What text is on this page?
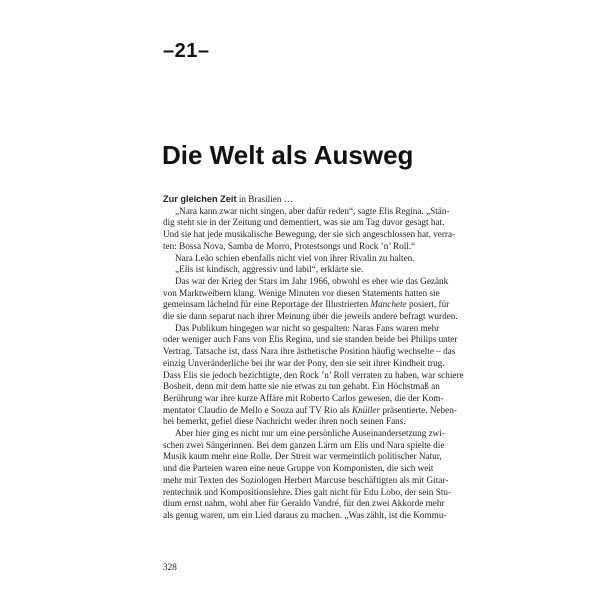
–21–
Die Welt als Ausweg
Zur gleichen Zeit in Brasilien …
„Nara kann zwar nicht singen, aber dafür reden“, sagte Elis Regina. „Stän-
dig steht sie in der Zeitung und dementiert, was sie am Tag davor gesagt hat.
Und sie hat jede musikalische Bewegung, der sie sich angeschlossen hat, verra-
ten: Bossa Nova, Samba de Morro, Protestsongs und Rock ’n’ Roll.“
Nara Leão schien ebenfalls nicht viel von ihrer Rivalin zu halten.
„Elis ist kindisch, aggressiv und labil“, erklärte sie.
Das war der Krieg der Stars im Jahr 1966, obwohl es eher wie das Gezänk
von Marktweibern klang. Wenige Minuten vor diesen Statements hatten sie
gemeinsam lächelnd für eine Reportage der Illustrierten Manchete posiert, für
die sie dann separat nach ihrer Meinung über die jeweils andere befragt wurden.
Das Publikum hingegen war nicht so gespalten: Naras Fans waren mehr
oder weniger auch Fans von Elis Regina, und sie standen beide bei Philips unter
Vertrag. Tatsache ist, dass Nara ihre ästhetische Position häufig wechselte – das
einzig Unveränderliche bei ihr war der Pony, den sie seit ihrer Kindheit trug.
Dass Elis sie jedoch bezichtigte, den Rock ’n’ Roll verraten zu haben, war schiere
Bosheit, denn mit dem hatte sie nie etwas zu tun gehabt. Ein Höchstmaß an
Berührung war ihre kurze Affäre mit Roberto Carlos gewesen, die der Kom-
mentator Claudio de Mello e Souza auf TV Rio als Knüller präsentierte. Neben-
bei bemerkt, gefiel diese Nachricht weder ihren noch seinen Fans.
Aber hier ging es nicht nur um eine persönliche Auseinandersetzung zwi-
schen zwei Sängerinnen. Bei dem ganzen Lärm um Elis und Nara spielte die
Musik kaum mehr eine Rolle. Der Streit war vermeintlich politischer Natur,
und die Parteien waren eine neue Gruppe von Komponisten, die sich weit
mehr mit Texten des Soziologen Herbert Marcuse beschäftigten als mit Gitar-
rentechnik und Kompositionslehre. Dies galt nicht für Edu Lobo, der sein Stu-
dium ernst nahm, wohl aber für Geraldo Vandré, für den zwei Akkorde mehr
als genug waren, um ein Lied daraus zu machen. „Was zählt, ist die Kommu-
328
